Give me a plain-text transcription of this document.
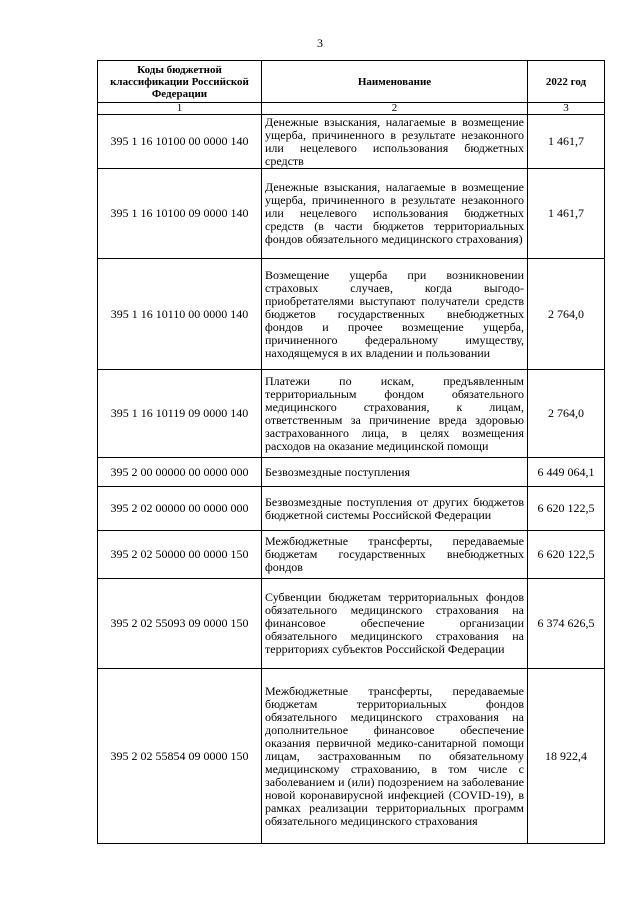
3
Коды бюджетной классификации Российской Федерации	Наименование	2022 год
1	2	3
395 1 16 10100 00 0000 140	Денежные взыскания, налагаемые в возмещение ущерба, причиненного в результате незаконного или нецелевого использования бюджетных средств	1 461,7
395 1 16 10100 09 0000 140	Денежные взыскания, налагаемые в возмещение ущерба, причиненного в результате незаконного или нецелевого использования бюджетных средств (в части бюджетов территориальных фондов обязательного медицинского страхования)	1 461,7
395 1 16 10110 00 0000 140	Возмещение ущерба при возникновении страховых случаев, когда выгодо-приобретателями выступают получатели средств бюджетов государственных внебюджетных фондов и прочее возмещение ущерба, причиненного федеральному имуществу, находящемуся в их владении и пользовании	2 764,0
395 1 16 10119 09 0000 140	Платежи по искам, предъявленным территориальным фондом обязательного медицинского страхования, к лицам, ответственным за причинение вреда здоровью застрахованного лица, в целях возмещения расходов на оказание медицинской помощи	2 764,0
395 2 00 00000 00 0000 000	Безвозмездные поступления	6 449 064,1
395 2 02 00000 00 0000 000	Безвозмездные поступления от других бюджетов бюджетной системы Российской Федерации	6 620 122,5
395 2 02 50000 00 0000 150	Межбюджетные трансферты, передаваемые бюджетам государственных внебюджетных фондов	6 620 122,5
395 2 02 55093 09 0000 150	Субвенции бюджетам территориальных фондов обязательного медицинского страхования на финансовое обеспечение организации обязательного медицинского страхования на территориях субъектов Российской Федерации	6 374 626,5
395 2 02 55854 09 0000 150	Межбюджетные трансферты, передаваемые бюджетам территориальных фондов обязательного медицинского страхования на дополнительное финансовое обеспечение оказания первичной медико-санитарной помощи лицам, застрахованным по обязательному медицинскому страхованию, в том числе с заболеванием и (или) подозрением на заболевание новой коронавирусной инфекцией (COVID-19), в рамках реализации территориальных программ обязательного медицинского страхования	18 922,4
